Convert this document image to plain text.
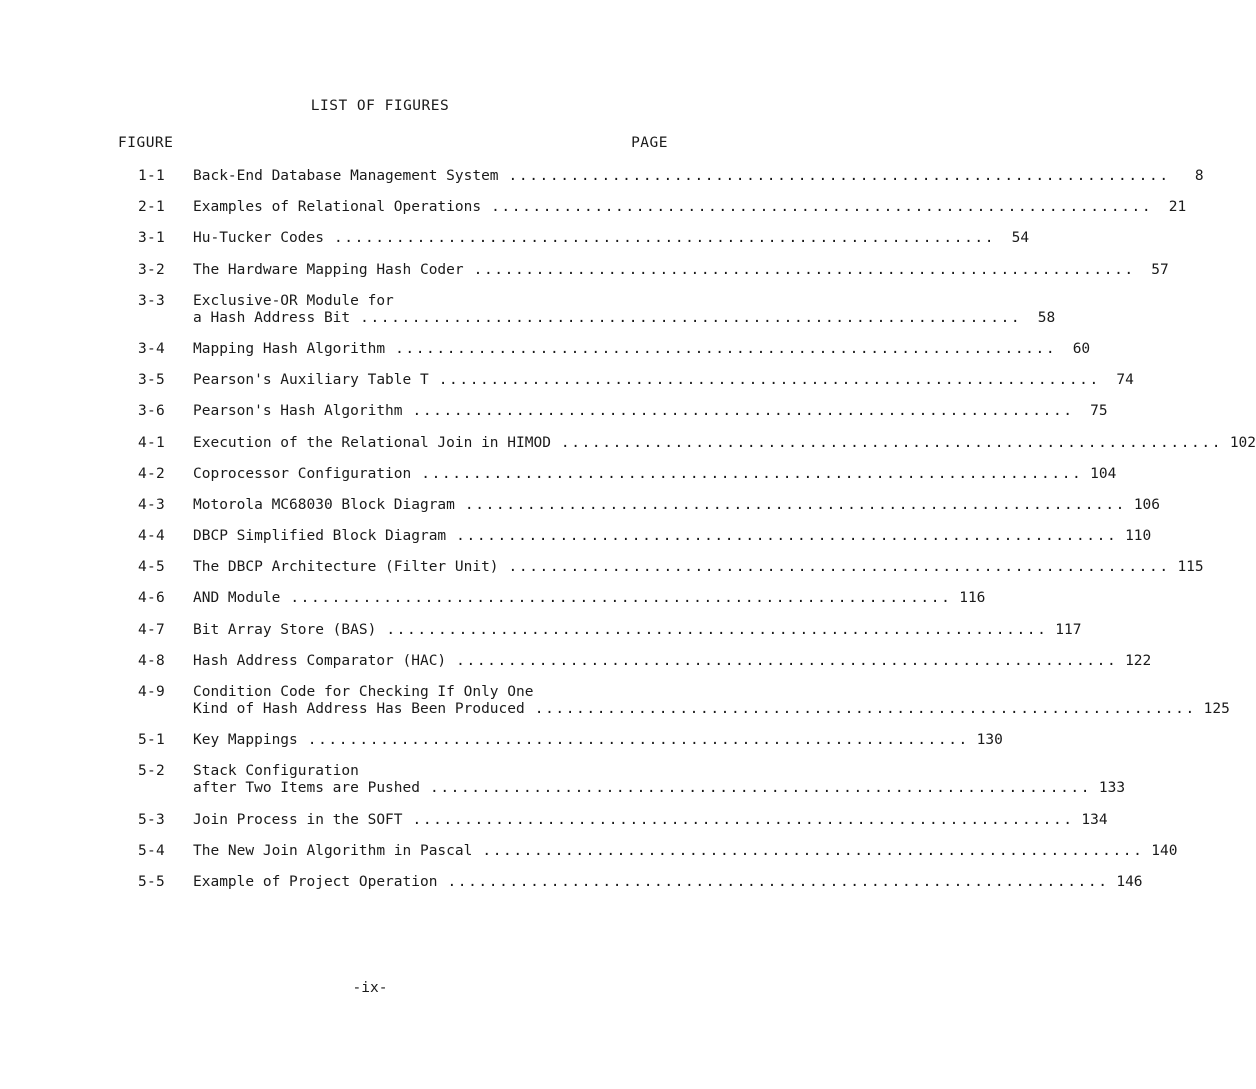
LIST OF FIGURES
FIGURE	PAGE
1-1 Back-End Database Management System ................................................................	8
2-1 Examples of Relational Operations ................................................................	21
3-1 Hu-Tucker Codes ................................................................	54
3-2 The Hardware Mapping Hash Coder ................................................................	57
3-3 Exclusive-OR Module for
a Hash Address Bit ................................................................	58
3-4 Mapping Hash Algorithm ................................................................	60
3-5 Pearson's Auxiliary Table T ................................................................	74
3-6 Pearson's Hash Algorithm ................................................................	75
4-1 Execution of the Relational Join in HIMOD ................................................................ 102
4-2 Coprocessor Configuration ................................................................ 104
4-3 Motorola MC68030 Block Diagram ................................................................ 106
4-4 DBCP Simplified Block Diagram ................................................................ 110
4-5 The DBCP Architecture (Filter Unit) ................................................................ 115
4-6 AND Module ................................................................ 116
4-7 Bit Array Store (BAS) ................................................................ 117
4-8 Hash Address Comparator (HAC) ................................................................ 122
4-9 Condition Code for Checking If Only One
Kind of Hash Address Has Been Produced ................................................................ 125
5-1 Key Mappings ................................................................ 130
5-2 Stack Configuration
after Two Items are Pushed ................................................................ 133
5-3 Join Process in the SOFT ................................................................ 134
5-4 The New Join Algorithm in Pascal ................................................................ 140
5-5 Example of Project Operation ................................................................ 146
-ix-
